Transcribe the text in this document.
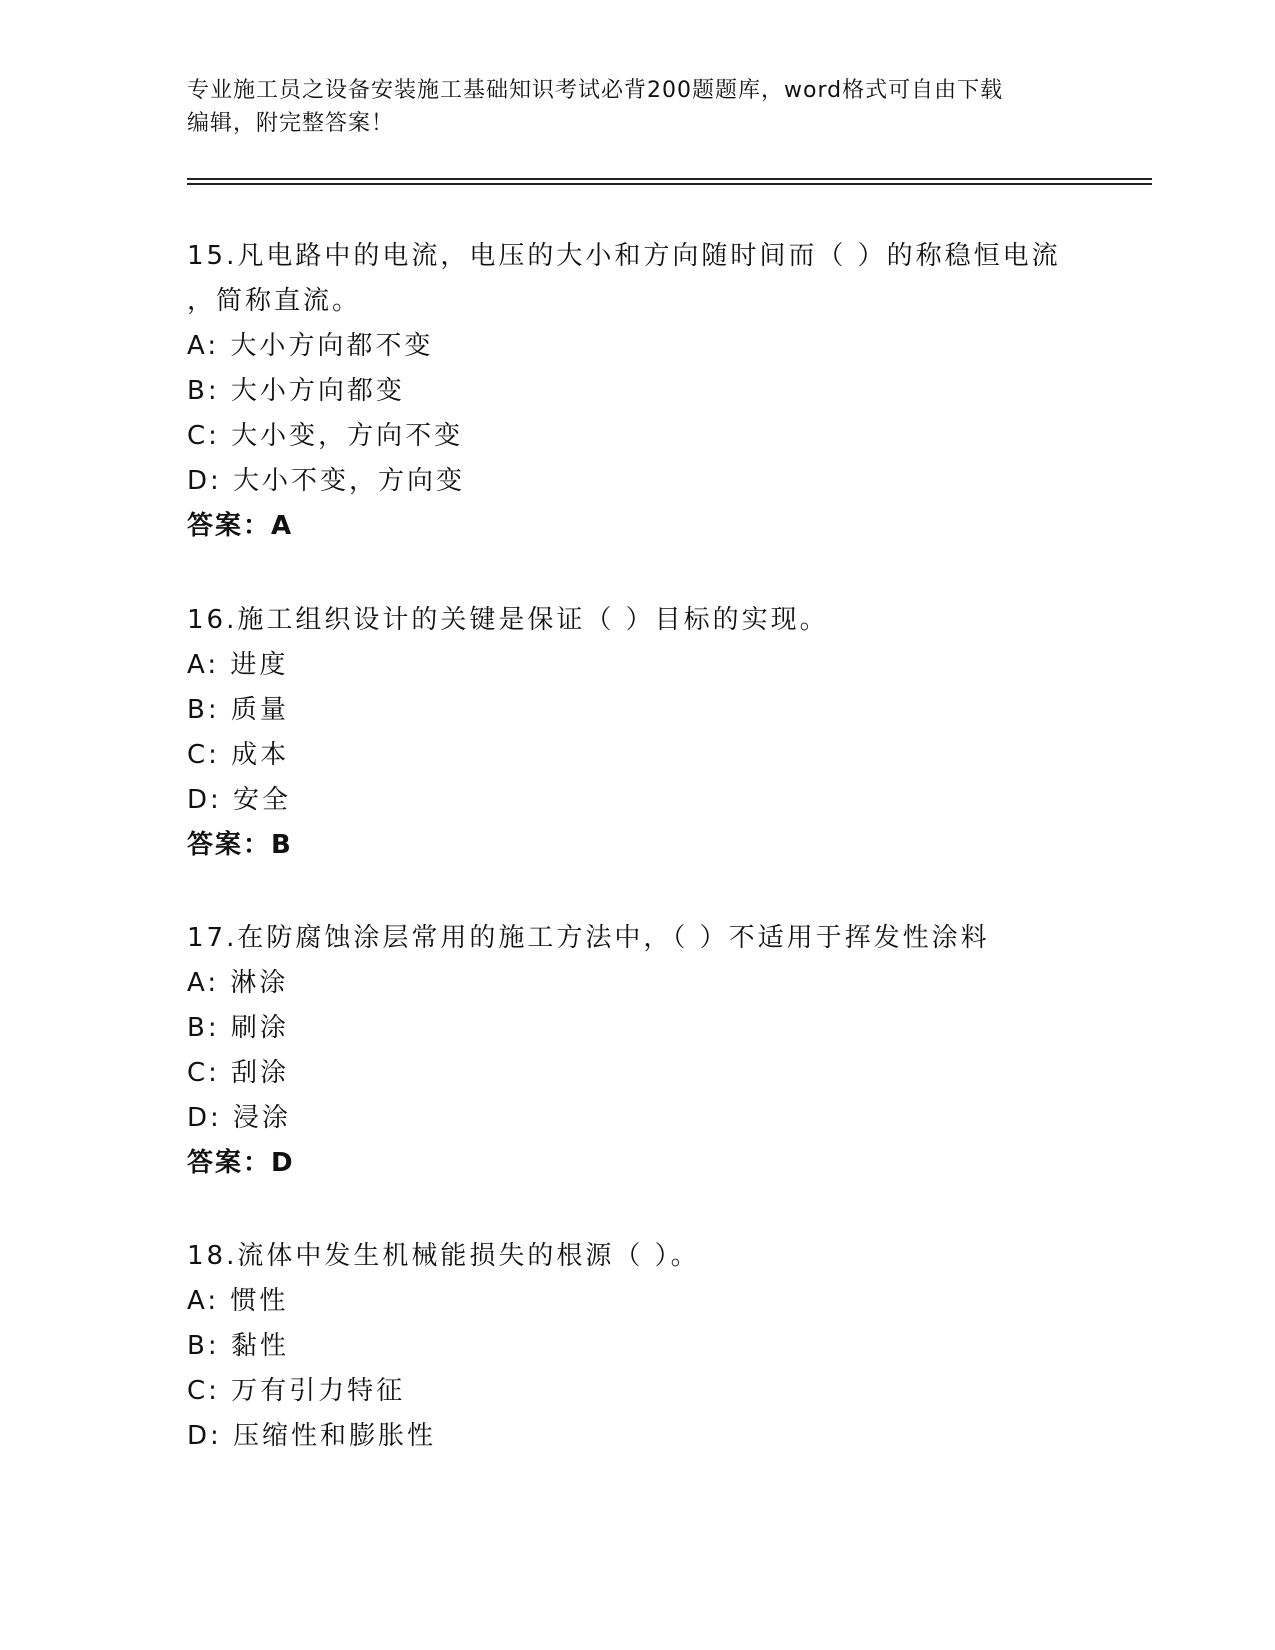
专业施工员之设备安装施工基础知识考试必背200题题库，word格式可自由下载
编辑，附完整答案！
15.凡电路中的电流，电压的大小和方向随时间而（ ）的称稳恒电流
，简称直流。
A: 大小方向都不变
B: 大小方向都变
C: 大小变，方向不变
D: 大小不变，方向变
答案：A
16.施工组织设计的关键是保证（ ）目标的实现。
A: 进度
B: 质量
C: 成本
D: 安全
答案：B
17.在防腐蚀涂层常用的施工方法中，（ ）不适用于挥发性涂料
A: 淋涂
B: 刷涂
C: 刮涂
D: 浸涂
答案：D
18.流体中发生机械能损失的根源（ ）。
A: 惯性
B: 黏性
C: 万有引力特征
D: 压缩性和膨胀性
